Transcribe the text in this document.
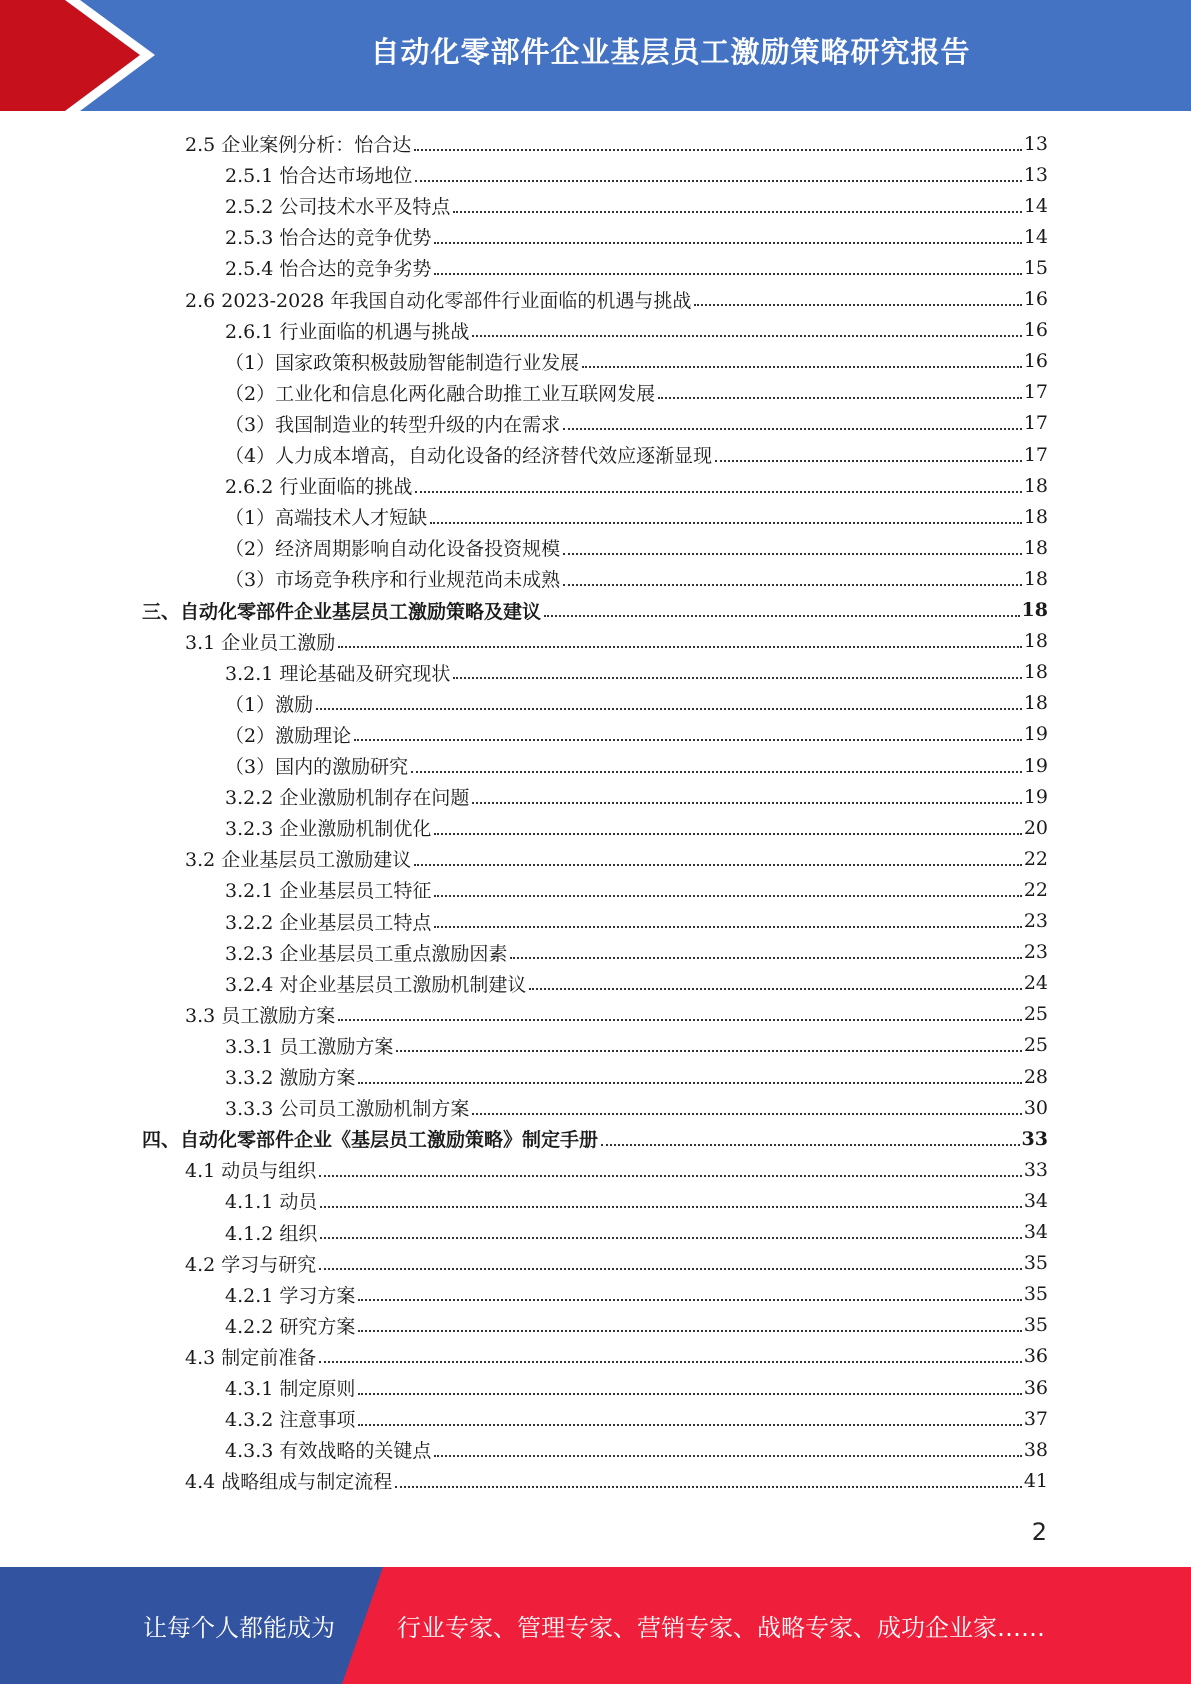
自动化零部件企业基层员工激励策略研究报告
2.5 企业案例分析：怡合达	13
2.5.1 怡合达市场地位	13
2.5.2 公司技术水平及特点	14
2.5.3 怡合达的竞争优势	14
2.5.4 怡合达的竞争劣势	15
2.6 2023-2028 年我国自动化零部件行业面临的机遇与挑战	16
2.6.1 行业面临的机遇与挑战	16
（1）国家政策积极鼓励智能制造行业发展	16
（2）工业化和信息化两化融合助推工业互联网发展	17
（3）我国制造业的转型升级的内在需求	17
（4）人力成本增高，自动化设备的经济替代效应逐渐显现	17
2.6.2 行业面临的挑战	18
（1）高端技术人才短缺	18
（2）经济周期影响自动化设备投资规模	18
（3）市场竞争秩序和行业规范尚未成熟	18
三、自动化零部件企业基层员工激励策略及建议	18
3.1 企业员工激励	18
3.2.1 理论基础及研究现状	18
（1）激励	18
（2）激励理论	19
（3）国内的激励研究	19
3.2.2 企业激励机制存在问题	19
3.2.3 企业激励机制优化	20
3.2 企业基层员工激励建议	22
3.2.1 企业基层员工特征	22
3.2.2 企业基层员工特点	23
3.2.3 企业基层员工重点激励因素	23
3.2.4 对企业基层员工激励机制建议	24
3.3 员工激励方案	25
3.3.1 员工激励方案	25
3.3.2 激励方案	28
3.3.3 公司员工激励机制方案	30
四、自动化零部件企业《基层员工激励策略》制定手册	33
4.1 动员与组织	33
4.1.1 动员	34
4.1.2 组织	34
4.2 学习与研究	35
4.2.1 学习方案	35
4.2.2 研究方案	35
4.3 制定前准备	36
4.3.1 制定原则	36
4.3.2 注意事项	37
4.3.3 有效战略的关键点	38
4.4 战略组成与制定流程	41
2
让每个人都能成为	行业专家、管理专家、营销专家、战略专家、成功企业家……
